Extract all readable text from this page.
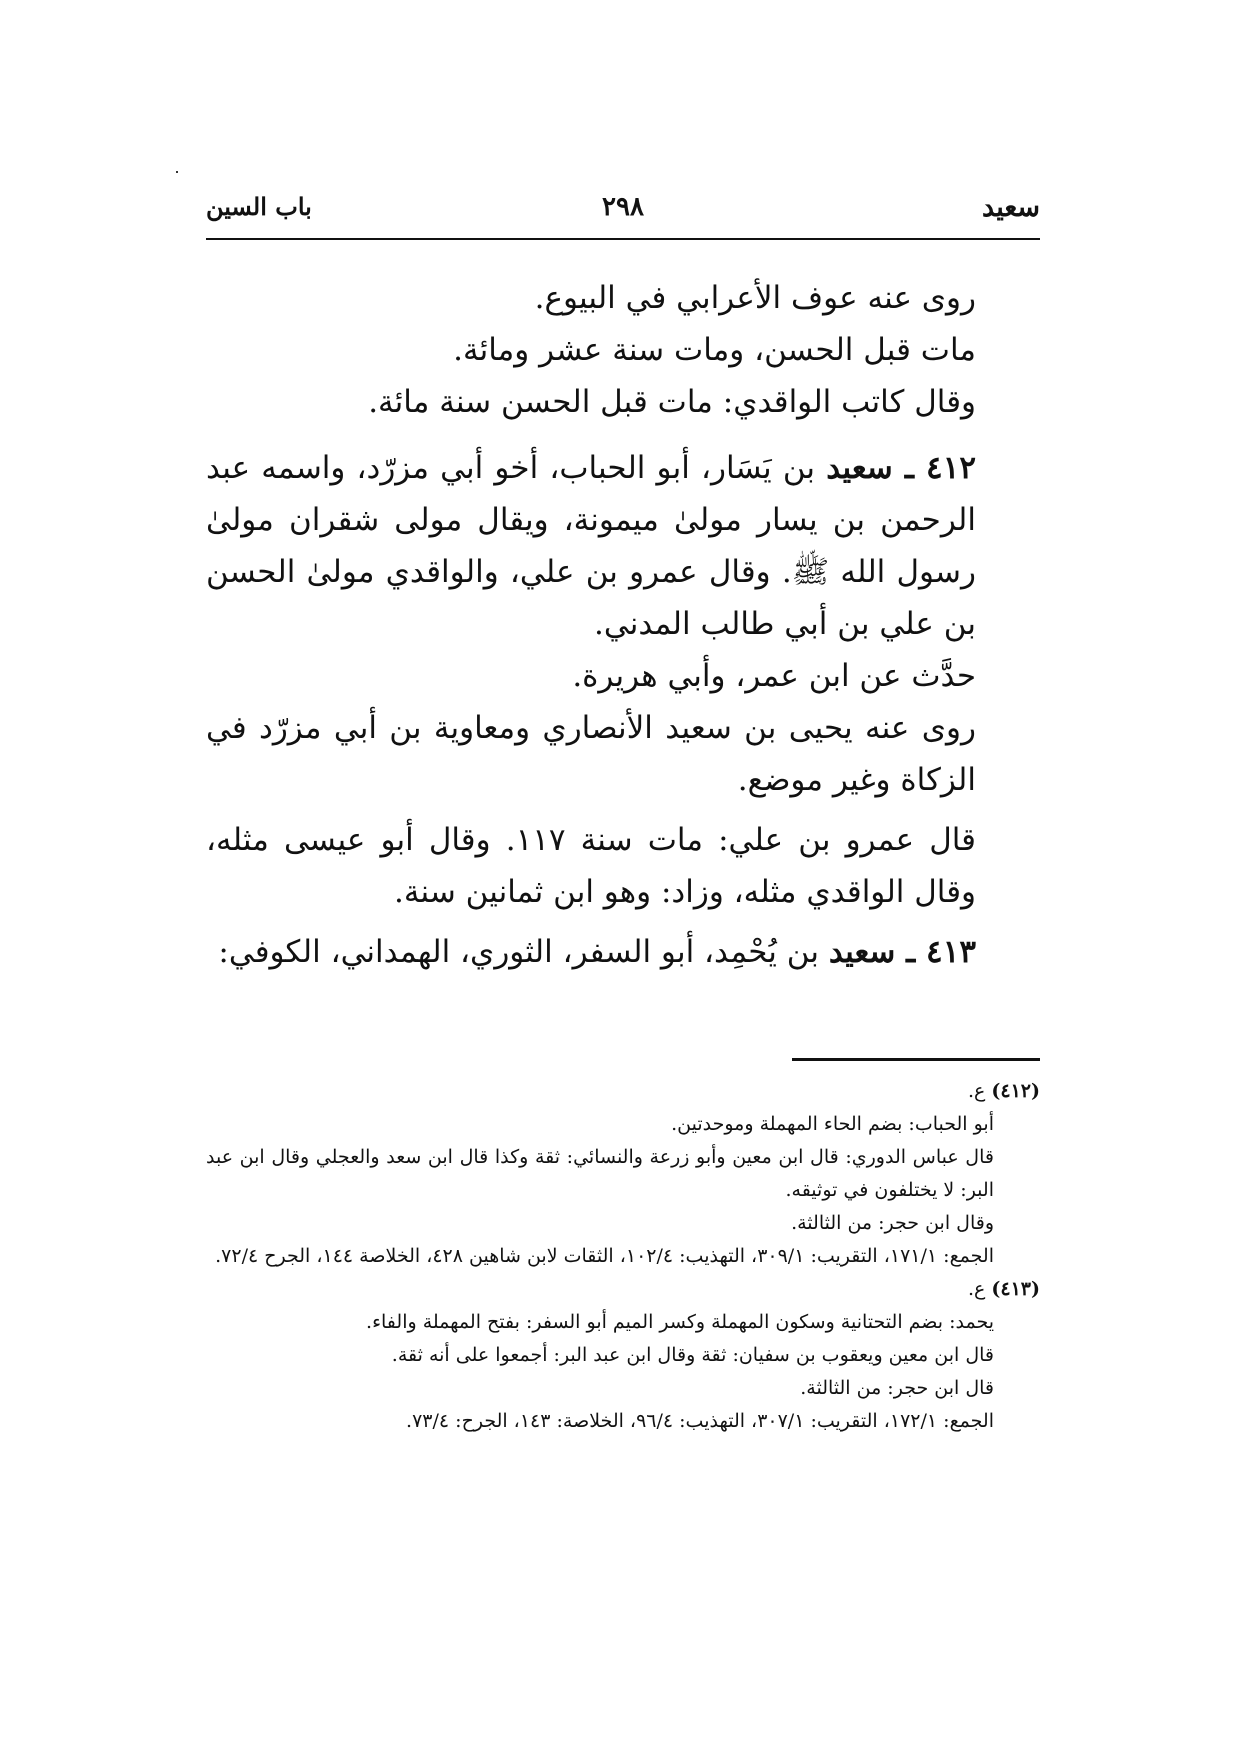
سعيد
٢٩٨
باب السين

روى عنه عوف الأعرابي في البيوع.

مات قبل الحسن، ومات سنة عشر ومائة.

وقال كاتب الواقدي: مات قبل الحسن سنة مائة.

٤١٢ ـ سعيد بن يَسَار، أبو الحباب، أخو أبي مزرّد، واسمه عبد الرحمن بن يسار مولىٰ ميمونة، ويقال مولى شقران مولىٰ رسول الله ﷺ. وقال عمرو بن علي، والواقدي مولىٰ الحسن بن علي بن أبي طالب المدني.

حدَّث عن ابن عمر، وأبي هريرة.

روى عنه يحيى بن سعيد الأنصاري ومعاوية بن أبي مزرّد في الزكاة وغير موضع.

قال عمرو بن علي: مات سنة ١١٧. وقال أبو عيسى مثله، وقال الواقدي مثله، وزاد: وهو ابن ثمانين سنة.

٤١٣ ـ سعيد بن يُحْمِد، أبو السفر، الثوري، الهمداني، الكوفي:

(٤١٢) ع.

أبو الحباب: بضم الحاء المهملة وموحدتين.

قال عباس الدوري: قال ابن معين وأبو زرعة والنسائي: ثقة وكذا قال ابن سعد والعجلي وقال ابن عبد البر: لا يختلفون في توثيقه.

وقال ابن حجر: من الثالثة.

الجمع: ١٧١/١، التقريب: ٣٠٩/١، التهذيب: ١٠٢/٤، الثقات لابن شاهين ٤٢٨، الخلاصة ١٤٤، الجرح ٧٢/٤.

(٤١٣) ع.

يحمد: بضم التحتانية وسكون المهملة وكسر الميم أبو السفر: بفتح المهملة والفاء.

قال ابن معين ويعقوب بن سفيان: ثقة وقال ابن عبد البر: أجمعوا على أنه ثقة.

قال ابن حجر: من الثالثة.

الجمع: ١٧٢/١، التقريب: ٣٠٧/١، التهذيب: ٩٦/٤، الخلاصة: ١٤٣، الجرح: ٧٣/٤.
